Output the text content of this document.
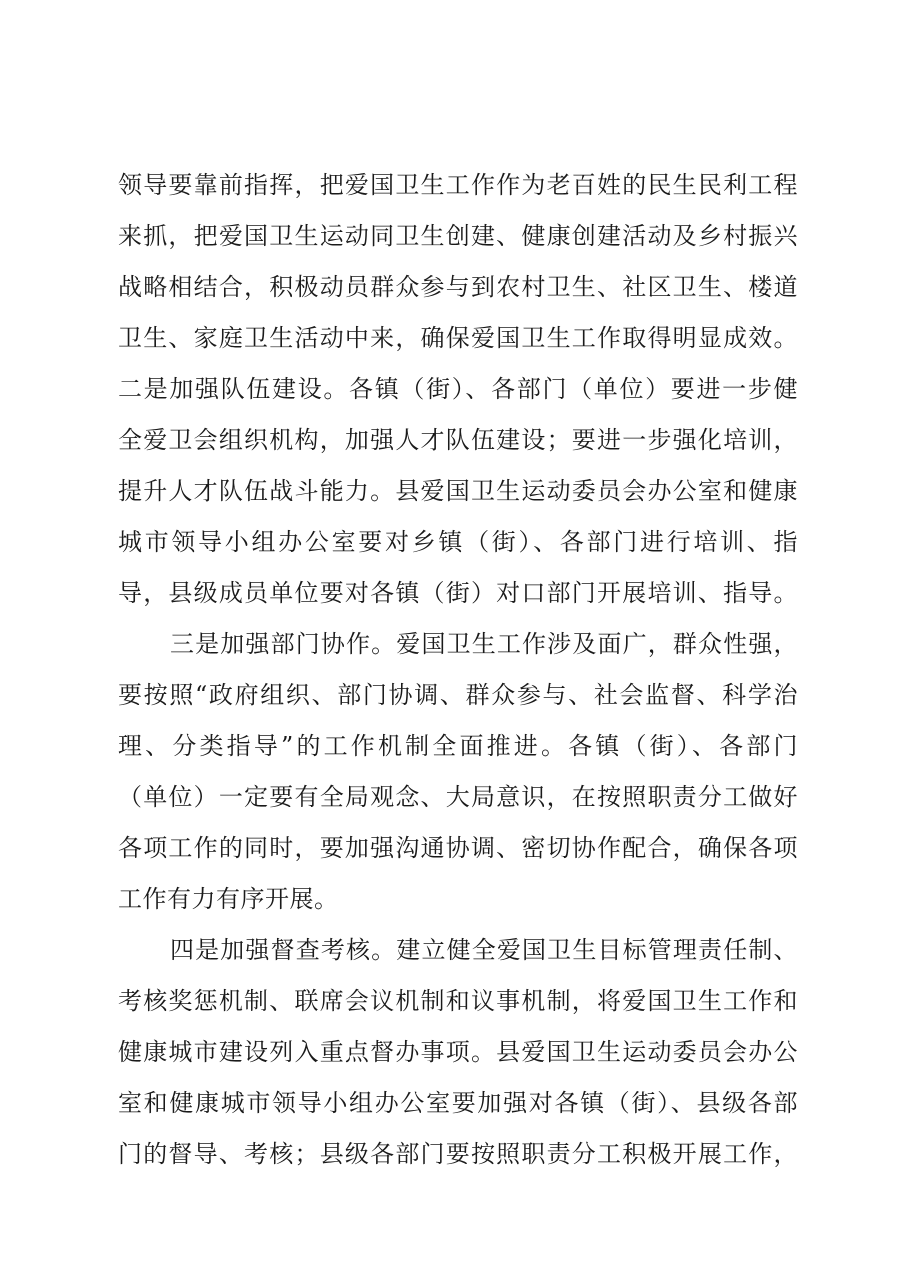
领导要靠前指挥，把爱国卫生工作作为老百姓的民生民利工程
来抓，把爱国卫生运动同卫生创建、健康创建活动及乡村振兴
战略相结合，积极动员群众参与到农村卫生、社区卫生、楼道
卫生、家庭卫生活动中来，确保爱国卫生工作取得明显成效。
二是加强队伍建设。各镇（街）、各部门（单位）要进一步健
全爱卫会组织机构，加强人才队伍建设；要进一步强化培训，
提升人才队伍战斗能力。县爱国卫生运动委员会办公室和健康
城市领导小组办公室要对乡镇（街）、各部门进行培训、指
导，县级成员单位要对各镇（街）对口部门开展培训、指导。
三是加强部门协作。爱国卫生工作涉及面广，群众性强，
要按照“政府组织、部门协调、群众参与、社会监督、科学治
理、分类指导”的工作机制全面推进。各镇（街）、各部门
（单位）一定要有全局观念、大局意识，在按照职责分工做好
各项工作的同时，要加强沟通协调、密切协作配合，确保各项
工作有力有序开展。
四是加强督查考核。建立健全爱国卫生目标管理责任制、
考核奖惩机制、联席会议机制和议事机制，将爱国卫生工作和
健康城市建设列入重点督办事项。县爱国卫生运动委员会办公
室和健康城市领导小组办公室要加强对各镇（街）、县级各部
门的督导、考核；县级各部门要按照职责分工积极开展工作，
